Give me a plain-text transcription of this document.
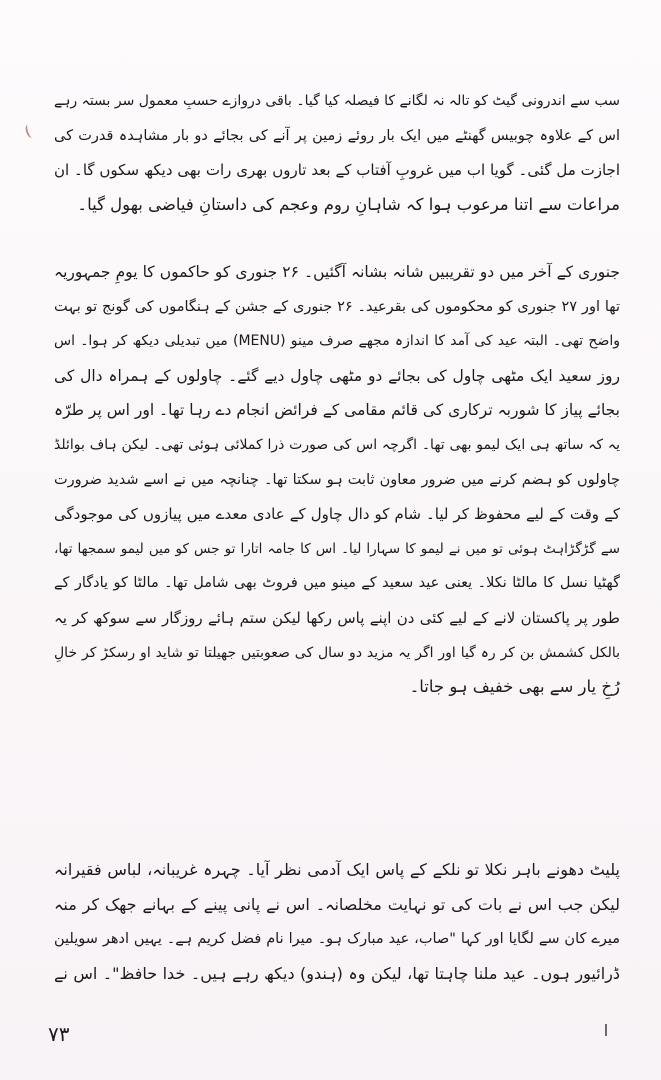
سب سے اندرونی گیٹ کو تالہ نہ لگانے کا فیصلہ کیا گیا۔ باقی دروازے حسبِ معمول سر بستہ رہے
اس کے علاوہ چوبیس گھنٹے میں ایک بار روئے زمین پر آنے کی بجائے دو بار مشاہدہ قدرت کی
اجازت مل گئی۔ گویا اب میں غروبِ آفتاب کے بعد تاروں بھری رات بھی دیکھ سکوں گا۔ ان
مراعات سے اتنا مرعوب ہوا کہ شاہانِ روم وعجم کی داستانِ فیاضی بھول گیا۔
جنوری کے آخر میں دو تقریبیں شانہ بشانہ آگئیں۔ ۲۶ جنوری کو حاکموں کا یومِ جمہوریہ
تھا اور ۲۷ جنوری کو محکوموں کی بقرعید۔ ۲۶ جنوری کے جشن کے ہنگاموں کی گونج تو بہت
واضح تھی۔ البتہ عید کی آمد کا اندازہ مجھے صرف مینو (MENU) میں تبدیلی دیکھ کر ہوا۔ اس
روز سعید ایک مٹھی چاول کی بجائے دو مٹھی چاول دیے گئے۔ چاولوں کے ہمراہ دال کی
بجائے پیاز کا شوربہ ترکاری کی قائم مقامی کے فرائض انجام دے رہا تھا۔ اور اس پر طرّہ
یہ کہ ساتھ ہی ایک لیمو بھی تھا۔ اگرچہ اس کی صورت ذرا کملائی ہوئی تھی۔ لیکن ہاف بوائلڈ
چاولوں کو ہضم کرنے میں ضرور معاون ثابت ہو سکتا تھا۔ چنانچہ میں نے اسے شدید ضرورت
کے وقت کے لیے محفوظ کر لیا۔ شام کو دال چاول کے عادی معدے میں پیازوں کی موجودگی
سے گڑگڑاہٹ ہوئی تو میں نے لیمو کا سہارا لیا۔ اس کا جامہ اتارا تو جس کو میں لیمو سمجھا تھا،
گھٹیا نسل کا مالٹا نکلا۔ یعنی عید سعید کے مینو میں فروٹ بھی شامل تھا۔ مالٹا کو یادگار کے
طور پر پاکستان لانے کے لیے کئی دن اپنے پاس رکھا لیکن ستم ہائے روزگار سے سوکھ کر یہ
بالکل کشمش بن کر رہ گیا اور اگر یہ مزید دو سال کی صعوبتیں جھیلتا تو شاید او رسکڑ کر خالِ
رُخِ یار سے بھی خفیف ہو جاتا۔
پلیٹ دھونے باہر نکلا تو نلکے کے پاس ایک آدمی نظر آیا۔ چہرہ غریبانہ، لباس فقیرانہ
لیکن جب اس نے بات کی تو نہایت مخلصانہ۔ اس نے پانی پینے کے بہانے جھک کر منہ
میرے کان سے لگایا اور کہا "صاب، عید مبارک ہو۔ میرا نام فضل کریم ہے۔ یہیں ادھر سویلین
ڈرائیور ہوں۔ عید ملنا چاہتا تھا، لیکن وہ (ہندو) دیکھ رہے ہیں۔ خدا حافظ"۔ اس نے
۷۳
